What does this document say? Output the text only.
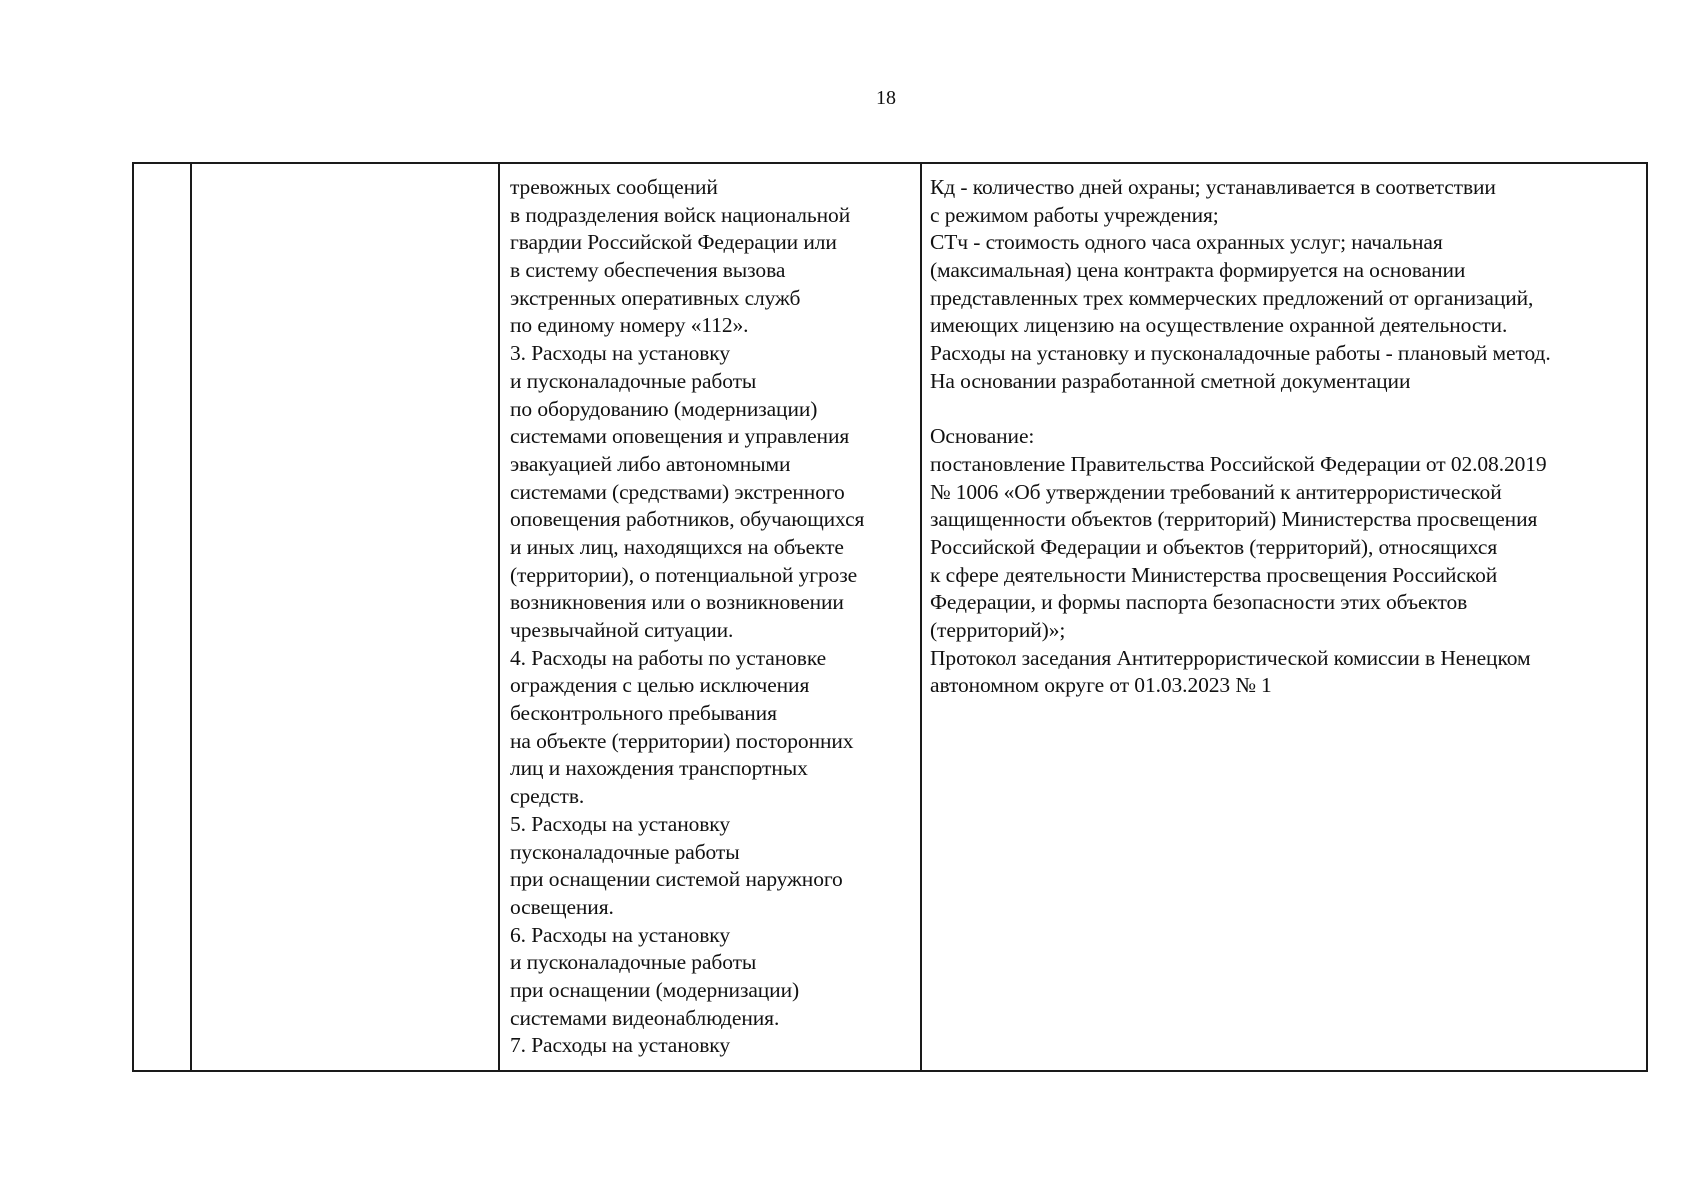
18
тревожных сообщений
в подразделения войск национальной
гвардии Российской Федерации или
в систему обеспечения вызова
экстренных оперативных служб
по единому номеру «112».
3. Расходы на установку
и пусконаладочные работы
по оборудованию (модернизации)
системами оповещения и управления
эвакуацией либо автономными
системами (средствами) экстренного
оповещения работников, обучающихся
и иных лиц, находящихся на объекте
(территории), о потенциальной угрозе
возникновения или о возникновении
чрезвычайной ситуации.
4. Расходы на работы по установке
ограждения с целью исключения
бесконтрольного пребывания
на объекте (территории) посторонних
лиц и нахождения транспортных
средств.
5. Расходы на установку
пусконаладочные работы
при оснащении системой наружного
освещения.
6. Расходы на установку
и пусконаладочные работы
при оснащении (модернизации)
системами видеонаблюдения.
7. Расходы на установку
Кд - количество дней охраны; устанавливается в соответствии
с режимом работы учреждения;
СТч - стоимость одного часа охранных услуг; начальная
(максимальная) цена контракта формируется на основании
представленных трех коммерческих предложений от организаций,
имеющих лицензию на осуществление охранной деятельности.
Расходы на установку и пусконаладочные работы - плановый метод.
На основании разработанной сметной документации
Основание:
постановление Правительства Российской Федерации от 02.08.2019
№ 1006 «Об утверждении требований к антитеррористической
защищенности объектов (территорий) Министерства просвещения
Российской Федерации и объектов (территорий), относящихся
к сфере деятельности Министерства просвещения Российской
Федерации, и формы паспорта безопасности этих объектов
(территорий)»;
Протокол заседания Антитеррористической комиссии в Ненецком
автономном округе от 01.03.2023 № 1
